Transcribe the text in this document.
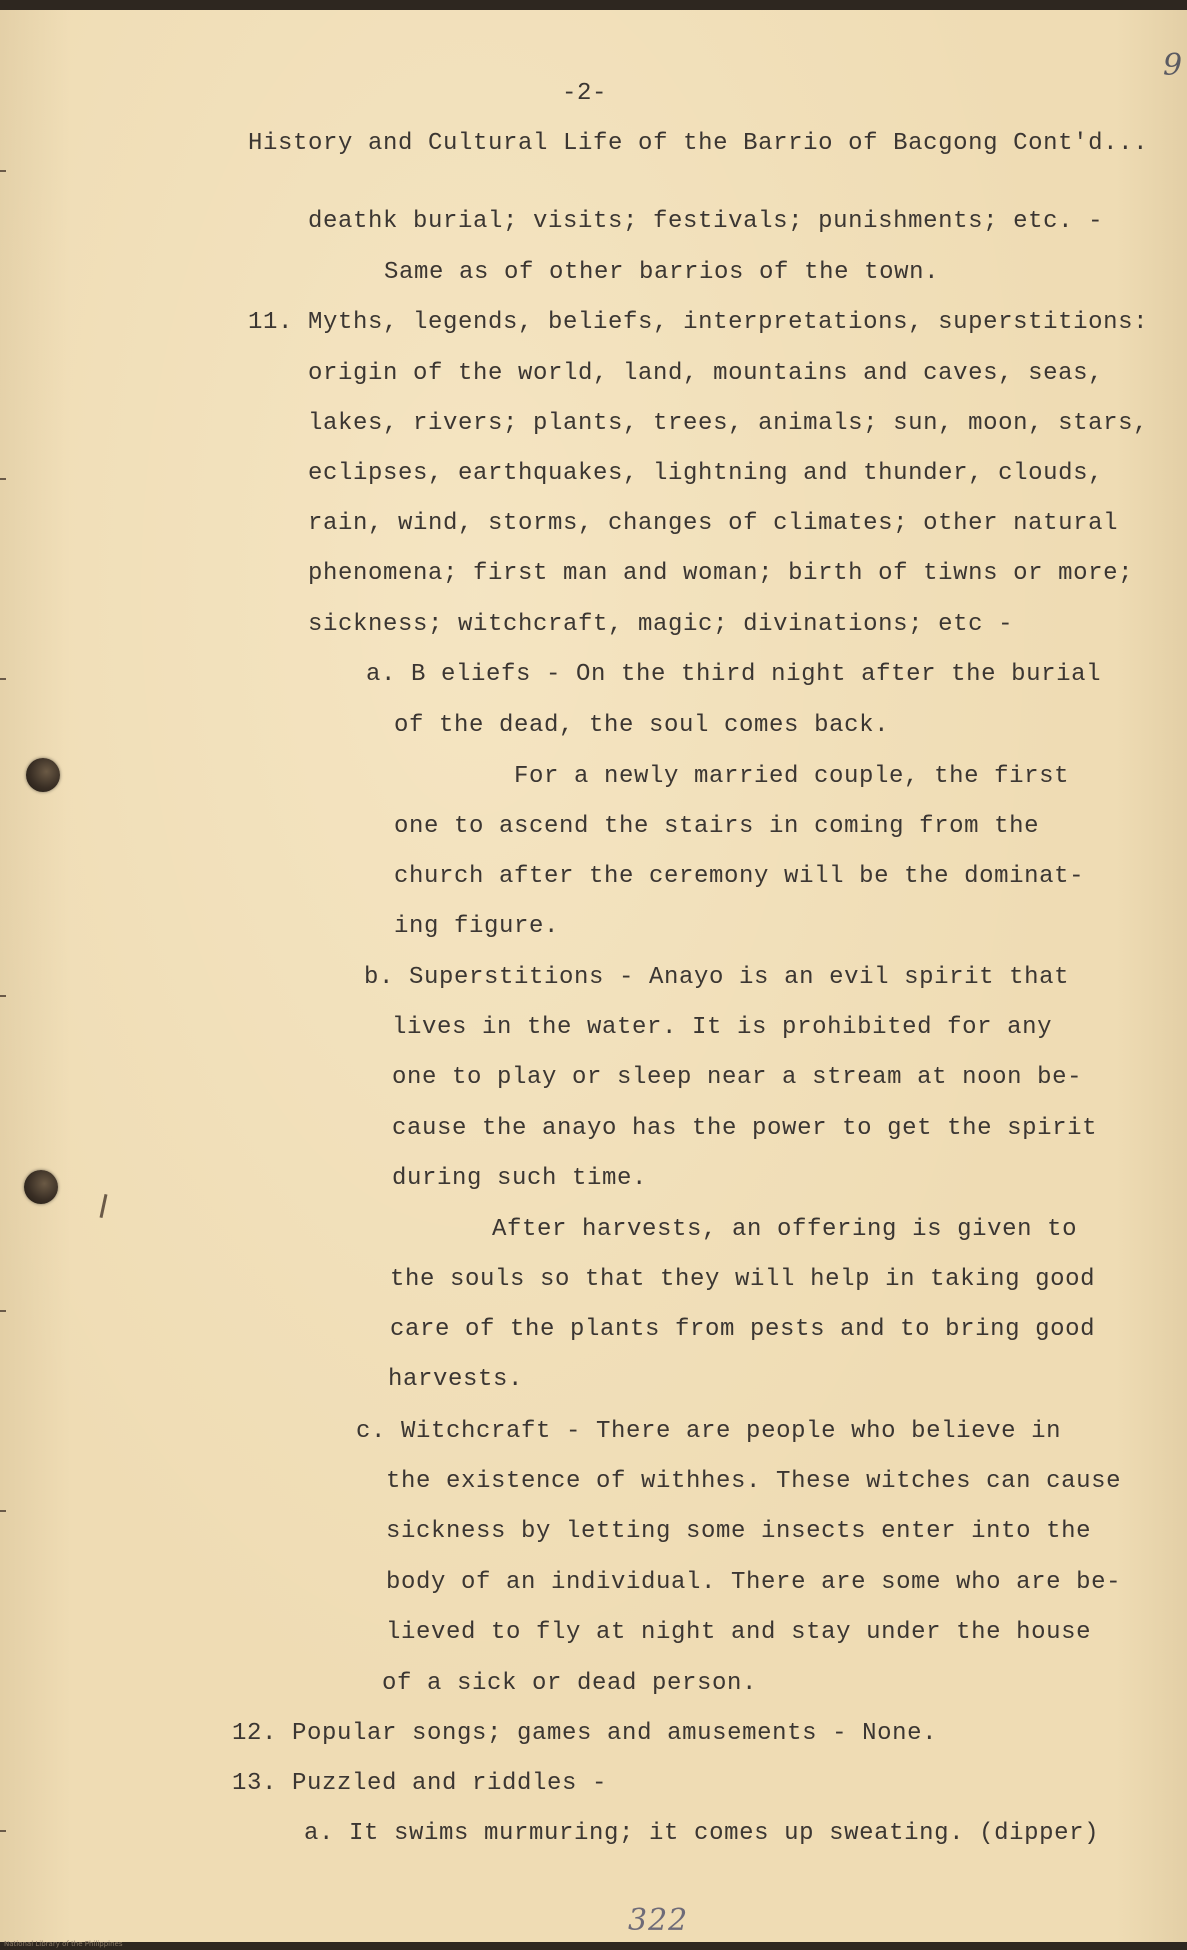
9
-2-
History and Cultural Life of the Barrio of Bacgong Cont'd...
deathk burial; visits; festivals; punishments; etc. -
Same as of other barrios of the town.
11. Myths, legends, beliefs, interpretations, superstitions:
origin of the world, land, mountains and caves, seas,
lakes, rivers; plants, trees, animals; sun, moon, stars,
eclipses, earthquakes, lightning and thunder, clouds,
rain, wind, storms, changes of climates; other natural
phenomena; first man and woman; birth of tiwns or more;
sickness; witchcraft, magic; divinations; etc -
a. B eliefs - On the third night after the burial
of the dead, the soul comes back.
For a newly married couple, the first
one to ascend the stairs in coming from the
church after the ceremony will be the dominat-
ing figure.
b. Superstitions - Anayo is an evil spirit that
lives in the water. It is prohibited for any
one to play or sleep near a stream at noon be-
cause the anayo has the power to get the spirit
during such time.
After harvests, an offering is given to
the souls so that they will help in taking good
care of the plants from pests and to bring good
harvests.
c. Witchcraft - There are people who believe in
the existence of withhes. These witches can cause
sickness by letting some insects enter into the
body of an individual. There are some who are be-
lieved to fly at night and stay under the house
of a sick or dead person.
12. Popular songs; games and amusements - None.
13. Puzzled and riddles -
a. It swims murmuring; it comes up sweating. (dipper)
322
National Library of the Philippines
